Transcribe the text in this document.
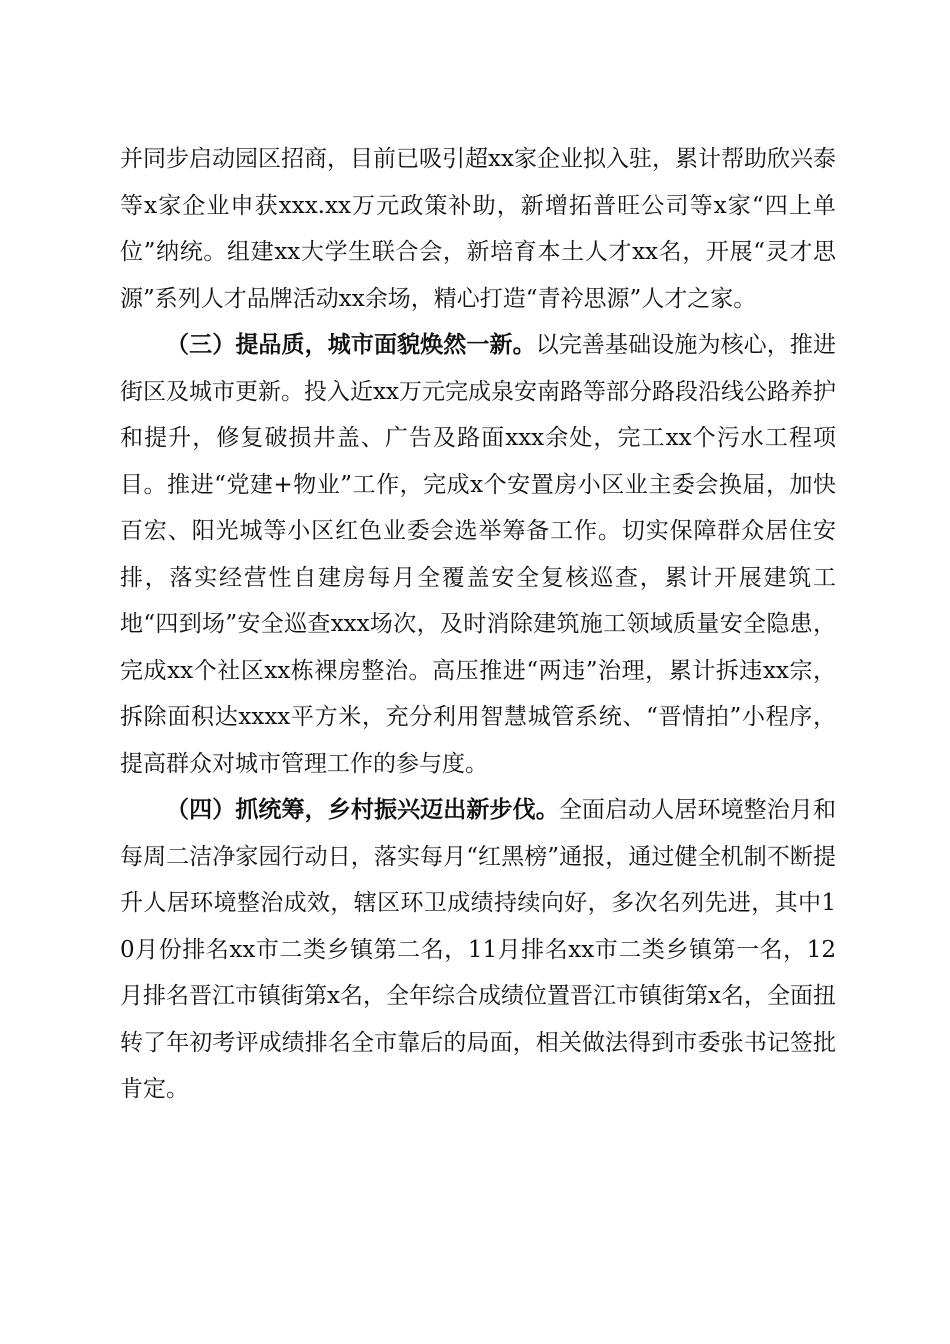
并同步启动园区招商，目前已吸引超xx家企业拟入驻，累计帮助欣兴泰等x家企业申获xxx.xx万元政策补助，新增拓普旺公司等x家“四上单位”纳统。组建xx大学生联合会，新培育本土人才xx名，开展“灵才思源”系列人才品牌活动xx余场，精心打造“青衿思源”人才之家。

（三）提品质，城市面貌焕然一新。以完善基础设施为核心，推进街区及城市更新。投入近xx万元完成泉安南路等部分路段沿线公路养护和提升，修复破损井盖、广告及路面xxx余处，完工xx个污水工程项目。推进“党建+物业”工作，完成x个安置房小区业主委会换届，加快百宏、阳光城等小区红色业委会选举筹备工作。切实保障群众居住安排，落实经营性自建房每月全覆盖安全复核巡查，累计开展建筑工地“四到场”安全巡查xxx场次，及时消除建筑施工领域质量安全隐患，完成xx个社区xx栋裸房整治。高压推进“两违”治理，累计拆违xx宗，拆除面积达xxxx平方米，充分利用智慧城管系统、“晋情拍”小程序，提高群众对城市管理工作的参与度。

（四）抓统筹，乡村振兴迈出新步伐。全面启动人居环境整治月和每周二洁净家园行动日，落实每月“红黑榜”通报，通过健全机制不断提升人居环境整治成效，辖区环卫成绩持续向好，多次名列先进，其中10月份排名xx市二类乡镇第二名，11月排名xx市二类乡镇第一名，12月排名晋江市镇街第x名，全年综合成绩位置晋江市镇街第x名，全面扭转了年初考评成绩排名全市靠后的局面，相关做法得到市委张书记签批肯定。
